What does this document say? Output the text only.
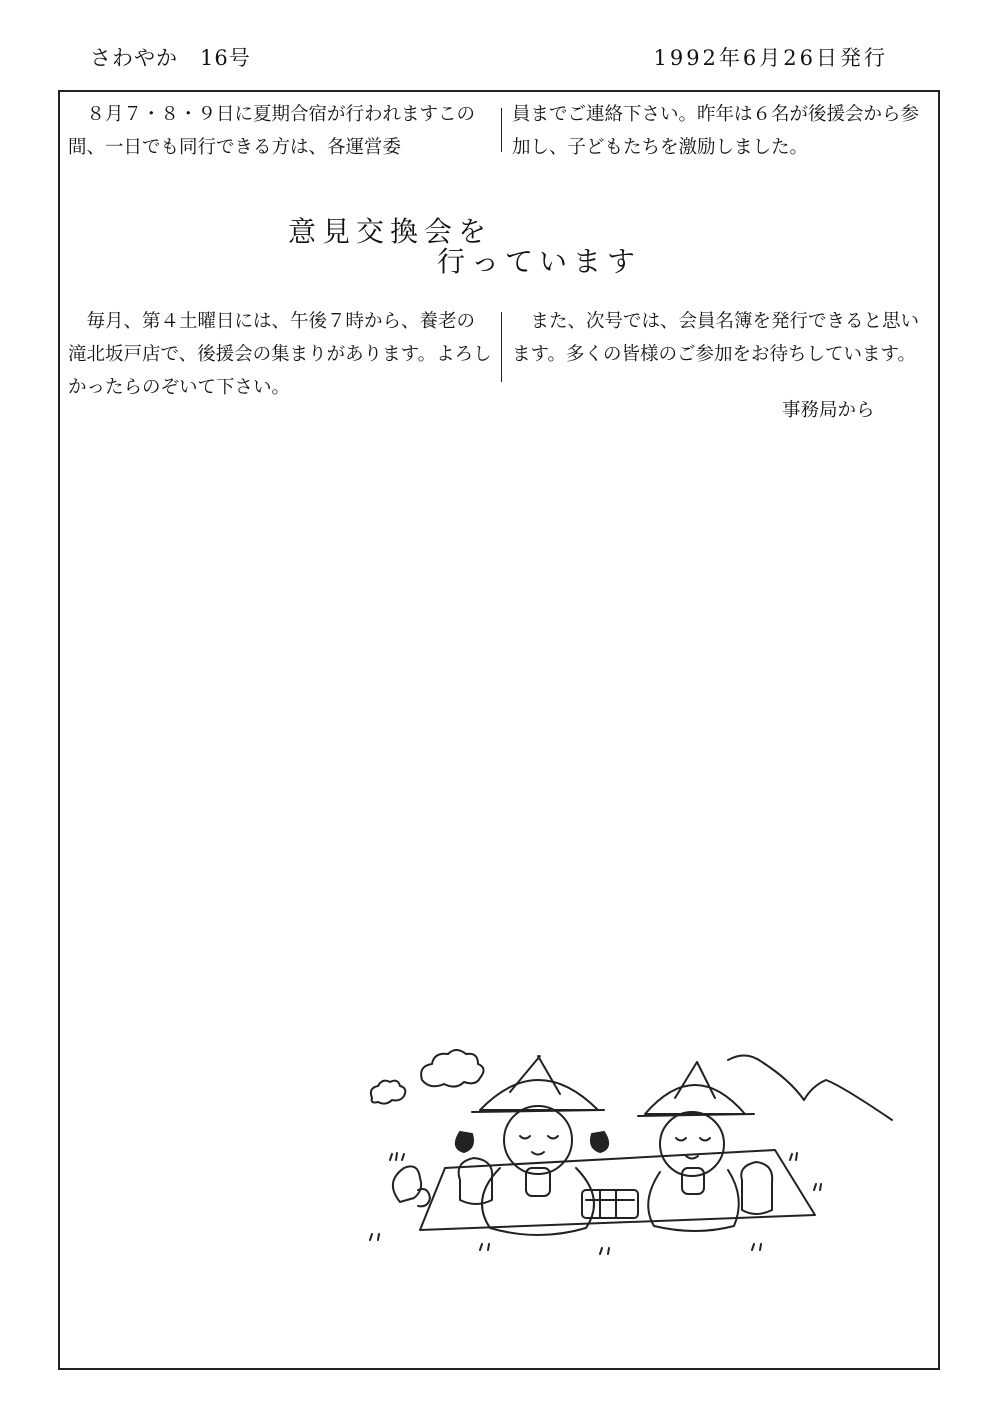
さわやか　16号	1992年6月26日発行
　８月７・８・９日に夏期合宿が行われますこの間、一日でも同行できる方は、各運営委
員までご連絡下さい。昨年は６名が後援会から参加し、子どもたちを激励しました。
意見交換会を
行っています
　毎月、第４土曜日には、午後７時から、養老の滝北坂戸店で、後援会の集まりがあります。よろしかったらのぞいて下さい。
　また、次号では、会員名簿を発行できると思います。多くの皆様のご参加をお待ちしています。
事務局から
